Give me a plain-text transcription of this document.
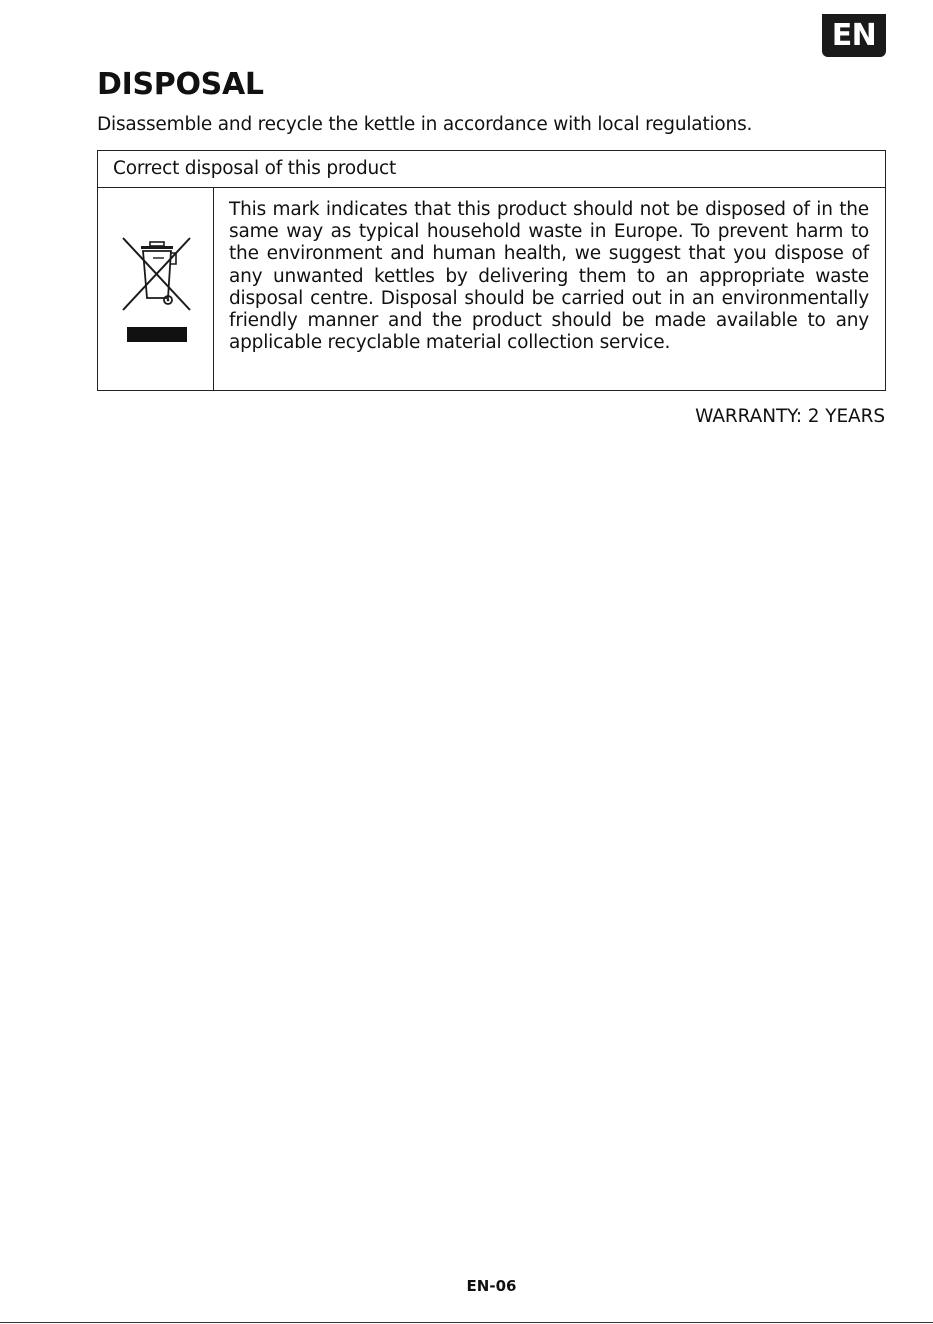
EN
DISPOSAL

Disassemble and recycle the kettle in accordance with local regulations.

Correct disposal of this product

This mark indicates that this product should not be disposed of in the same way as typical household waste in Europe. To prevent harm to the environment and human health, we suggest that you dispose of any unwanted kettles by delivering them to an appropriate waste disposal centre. Disposal should be carried out in an environmentally friendly manner and the product should be made available to any applicable recyclable material collection service.

WARRANTY: 2 YEARS

EN-06
